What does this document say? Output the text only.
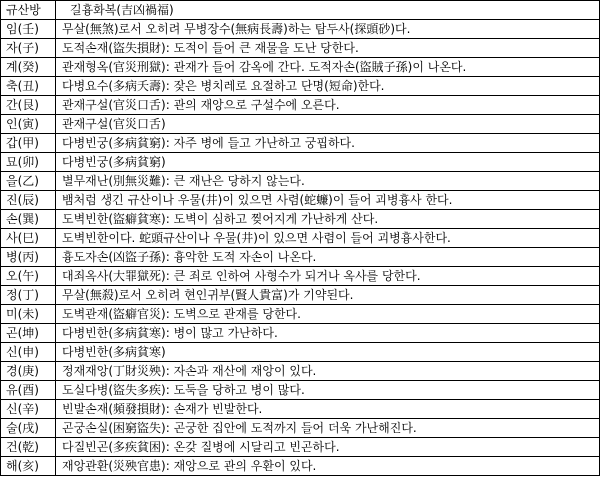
규산방	길흉화복(吉凶禍福)
임(壬)	무살(無煞)로서 오히려 무병장수(無病長壽)하는 탐두사(探頭砂)다.
자(子)	도적손재(盜失損財): 도적이 들어 큰 재물을 도난 당한다.
계(癸)	관재형옥(官災刑獄): 관재가 들어 감옥에 간다. 도적자손(盜賊子孫)이 나온다.
축(丑)	다병요수(多病夭壽): 잦은 병치레로 요절하고 단명(短命)한다.
간(艮)	관재구설(官災口舌): 관의 재앙으로 구설수에 오른다.
인(寅)	관재구설(官災口舌)
갑(甲)	다병빈궁(多病貧窮): 자주 병에 들고 가난하고 궁핍하다.
묘(卯)	다병빈궁(多病貧窮)
을(乙)	별무재난(別無災難): 큰 재난은 당하지 않는다.
진(辰)	뱀처럼 생긴 규산이나 우물(井)이 있으면 사렴(蛇蠊)이 들어 괴병흉사 한다.
손(巽)	도벽빈한(盜癖貧寒): 도벽이 심하고 찢어지게 가난하게 산다.
사(巳)	도벽빈한이다. 蛇頭규산이나 우물(井)이 있으면 사렴이 들어 괴병흉사한다.
병(丙)	흉도자손(凶盜子孫): 흉악한 도적 자손이 나온다.
오(午)	대죄옥사(大罪獄死): 큰 죄로 인하여 사형수가 되거나 옥사를 당한다.
정(丁)	무살(無殺)로서 오히려 현인귀부(賢人貴富)가 기약된다.
미(未)	도벽관재(盜癖官災): 도벽으로 관재를 당한다.
곤(坤)	다병빈한(多病貧寒): 병이 많고 가난하다.
신(申)	다병빈한(多病貧寒)
경(庚)	정재재앙(丁財災殃): 자손과 재산에 재앙이 있다.
유(酉)	도실다병(盜失多疾): 도둑을 당하고 병이 많다.
신(辛)	빈발손재(頻發損財): 손재가 빈발한다.
술(戌)	곤궁손실(困窮盜失): 곤궁한 집안에 도적까지 들어 더욱 가난해진다.
건(乾)	다질빈곤(多疾貧困): 온갖 질병에 시달리고 빈곤하다.
해(亥)	재앙관환(災殃官患): 재앙으로 관의 우환이 있다.
